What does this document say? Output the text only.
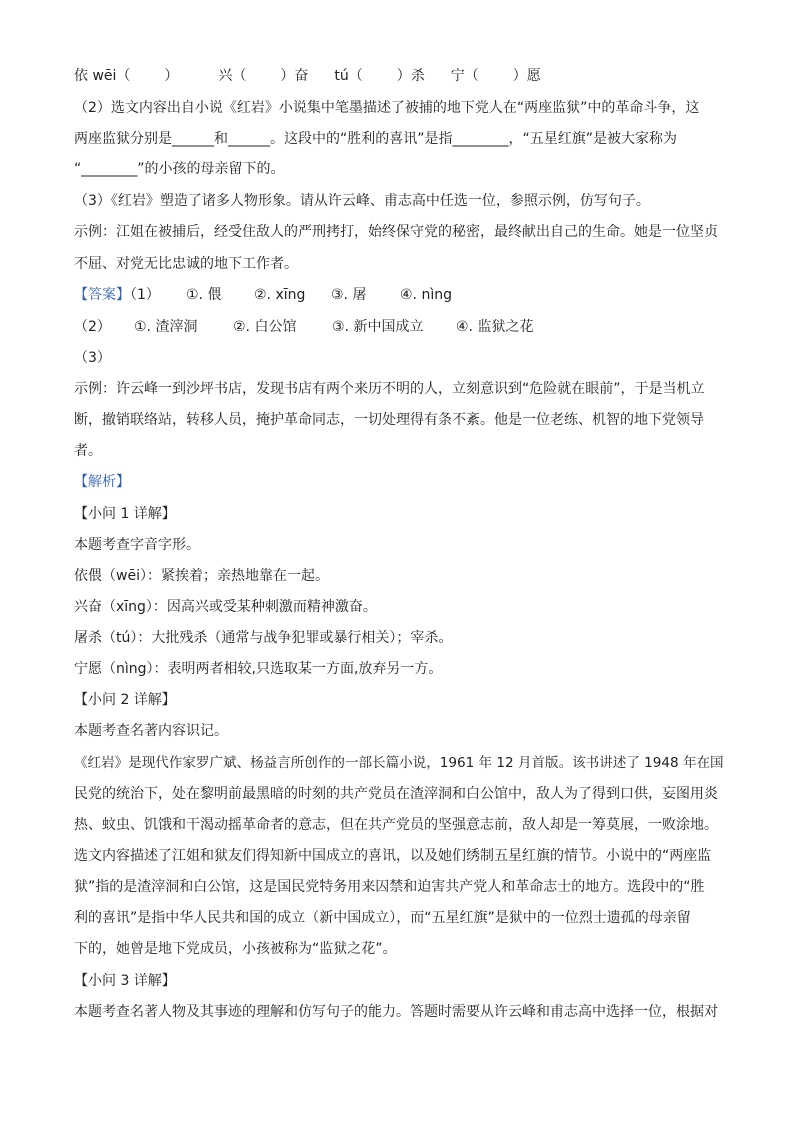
依 wēi（ ）	兴（ ）奋 tú（ ）杀 宁（ ）愿
（2）选文内容出自小说《红岩》小说集中笔墨描述了被捕的地下党人在“两座监狱”中的革命斗争，这
两座监狱分别是______和______。这段中的“胜利的喜讯”是指________，“五星红旗”是被大家称为
“________”的小孩的母亲留下的。
（3）《红岩》塑造了诸多人物形象。请从许云峰、甫志高中任选一位，参照示例，仿写句子。
示例：江姐在被捕后，经受住敌人的严刑拷打，始终保守党的秘密，最终献出自己的生命。她是一位坚贞
不屈、对党无比忠诚的地下工作者。
【答案】（1） ①. 偎 ②. xīng ③. 屠 ④. nìng
（2） ①. 渣滓洞	②. 白公馆	③. 新中国成立 ④. 监狱之花
（3）
示例：许云峰一到沙坪书店，发现书店有两个来历不明的人，立刻意识到“危险就在眼前”，于是当机立
断，撤销联络站，转移人员，掩护革命同志，一切处理得有条不紊。他是一位老练、机智的地下党领导
者。
【解析】
【小问 1 详解】
本题考查字音字形。
依偎（wēi）：紧挨着；亲热地靠在一起。
兴奋（xīng）：因高兴或受某种刺激而精神激奋。
屠杀（tú）：大批残杀（通常与战争犯罪或暴行相关）；宰杀。
宁愿（nìng）：表明两者相较,只选取某一方面,放弃另一方。
【小问 2 详解】
本题考查名著内容识记。
《红岩》是现代作家罗广斌、杨益言所创作的一部长篇小说，1961 年 12 月首版。该书讲述了 1948 年在国
民党的统治下，处在黎明前最黑暗的时刻的共产党员在渣滓洞和白公馆中，敌人为了得到口供，妄图用炎
热、蚊虫、饥饿和干渴动摇革命者的意志，但在共产党员的坚强意志前，敌人却是一筹莫展，一败涂地。
选文内容描述了江姐和狱友们得知新中国成立的喜讯，以及她们绣制五星红旗的情节。小说中的“两座监
狱”指的是渣滓洞和白公馆，这是国民党特务用来囚禁和迫害共产党人和革命志士的地方。选段中的“胜
利的喜讯”是指中华人民共和国的成立（新中国成立），而“五星红旗”是狱中的一位烈士遗孤的母亲留
下的，她曾是地下党成员，小孩被称为“监狱之花”。
【小问 3 详解】
本题考查名著人物及其事迹的理解和仿写句子的能力。答题时需要从许云峰和甫志高中选择一位，根据对
